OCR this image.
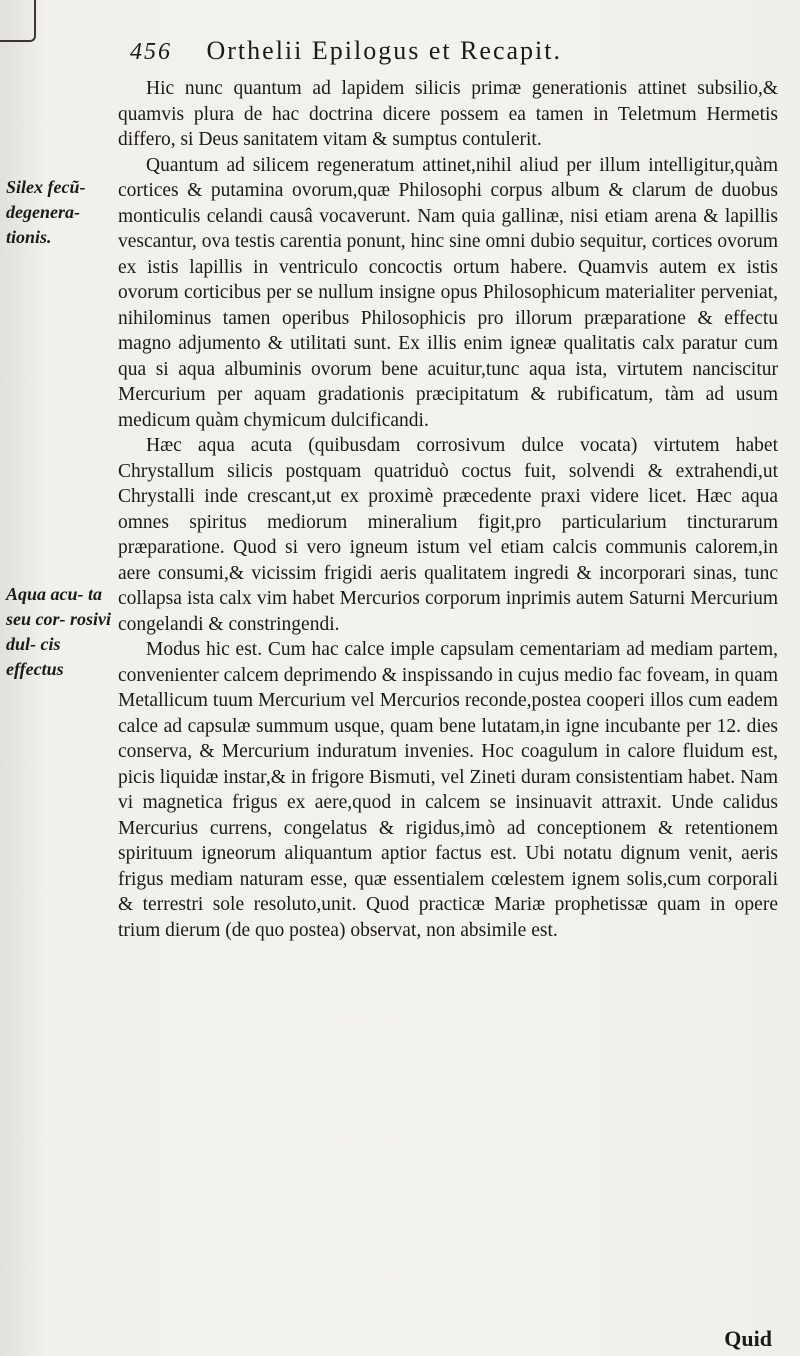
456 Orthelii Epilogus et Recapit.
Silex fecũ- degenera- tionis.
Aqua acu- ta seu cor- rosivi dul- cis effectus

Hic nunc quantum ad lapidem silicis primæ generationis attinet subsilio,& quamvis plura de hac doctrina dicere possem ea tamen in Teletmum Hermetis differo, si Deus sanitatem vitam & sumptus contulerit.

Quantum ad silicem regeneratum attinet,nihil aliud per illum intelligitur,quàm cortices & putamina ovorum,quæ Philosophi corpus album & clarum de duobus monticulis celandi causâ vocaverunt. Nam quia gallinæ, nisi etiam arena & lapillis vescantur, ova testis carentia ponunt, hinc sine omni dubio sequitur, cortices ovorum ex istis lapillis in ventriculo concoctis ortum habere. Quamvis autem ex istis ovorum corticibus per se nullum insigne opus Philosophicum materialiter perveniat, nihilominus tamen operibus Philosophicis pro illorum præparatione & effectu magno adjumento & utilitati sunt. Ex illis enim igneæ qualitatis calx paratur cum qua si aqua albuminis ovorum bene acuitur,tunc aqua ista, virtutem nanciscitur Mercurium per aquam gradationis præcipitatum & rubificatum, tàm ad usum medicum quàm chymicum dulcificandi.

Hæc aqua acuta (quibusdam corrosivum dulce vocata) virtutem habet Chrystallum silicis postquam quatriduò coctus fuit, solvendi & extrahendi,ut Chrystalli inde crescant,ut ex proximè præcedente praxi videre licet. Hæc aqua omnes spiritus mediorum mineralium figit,pro particularium tincturarum præparatione. Quod si vero igneum istum vel etiam calcis communis calorem,in aere consumi,& vicissim frigidi aeris qualitatem ingredi & incorporari sinas, tunc collapsa ista calx vim habet Mercurios corporum inprimis autem Saturni Mercurium congelandi & constringendi.

Modus hic est. Cum hac calce imple capsulam cementariam ad mediam partem, convenienter calcem deprimendo & inspissando in cujus medio fac foveam, in quam Metallicum tuum Mercurium vel Mercurios reconde,postea cooperi illos cum eadem calce ad capsulæ summum usque, quam bene lutatam,in igne incubante per 12. dies conserva, & Mercurium induratum invenies. Hoc coagulum in calore fluidum est, picis liquidæ instar,& in frigore Bismuti, vel Zineti duram consistentiam habet. Nam vi magnetica frigus ex aere,quod in calcem se insinuavit attraxit. Unde calidus Mercurius currens, congelatus & rigidus,imò ad conceptionem & retentionem spirituum igneorum aliquantum aptior factus est. Ubi notatu dignum venit, aeris frigus mediam naturam esse, quæ essentialem cœlestem ignem solis,cum corporali & terrestri sole resoluto,unit. Quod practicæ Mariæ prophetissæ quam in opere trium dierum (de quo postea) observat, non absimile est.

Quid
